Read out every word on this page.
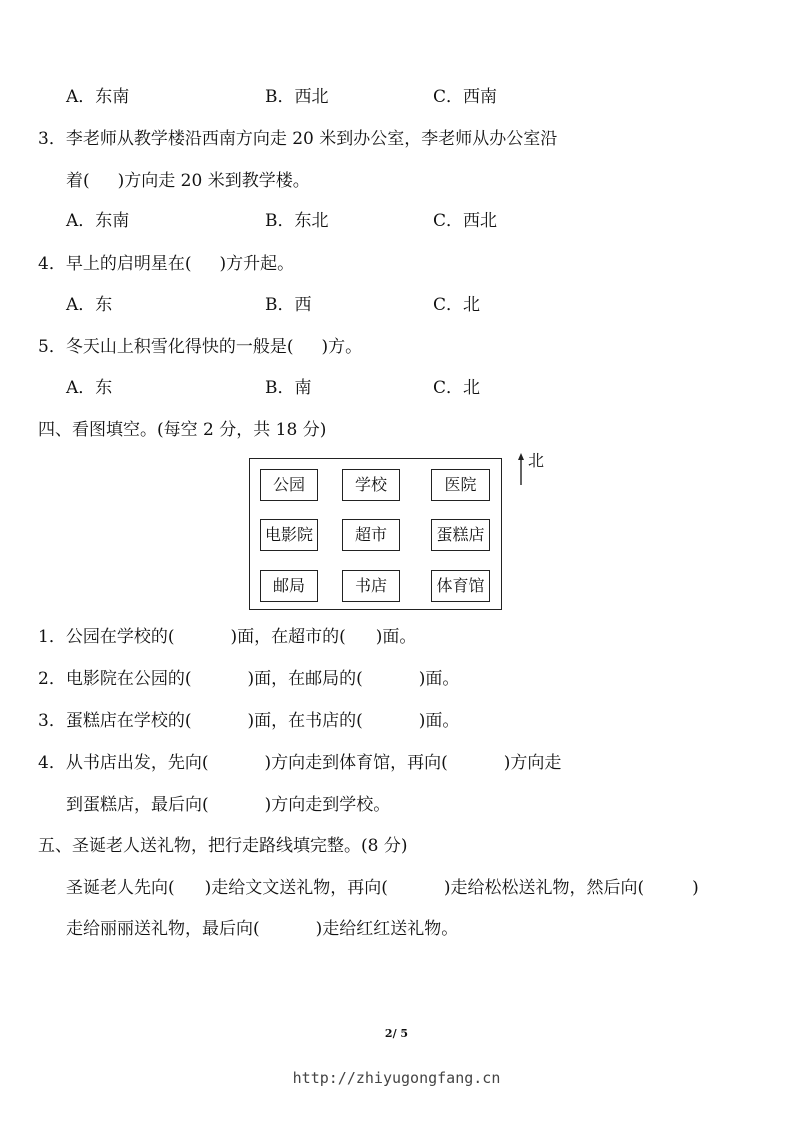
A．东南	B．西北	C．西南
3．李老师从教学楼沿西南方向走 20 米到办公室，李老师从办公室沿
着( )方向走 20 米到教学楼。
A．东南	B．东北	C．西北
4．早上的启明星在( )方升起。
A．东	B．西	C．北
5．冬天山上积雪化得快的一般是( )方。
A．东	B．南	C．北
四、看图填空。(每空 2 分，共 18 分)
公园	学校	医院
电影院	超市	蛋糕店
邮局	书店	体育馆
北
1．公园在学校的(	)面，在超市的( )面。
2．电影院在公园的(	)面，在邮局的(	)面。
3．蛋糕店在学校的(	)面，在书店的(	)面。
4．从书店出发，先向(	)方向走到体育馆，再向(	)方向走
到蛋糕店，最后向(	)方向走到学校。
五、圣诞老人送礼物，把行走路线填完整。(8 分)
圣诞老人先向( )走给文文送礼物，再向(	)走给松松送礼物，然后向(	)
走给丽丽送礼物，最后向(	)走给红红送礼物。
2/ 5
http://zhiyugongfang.cn
